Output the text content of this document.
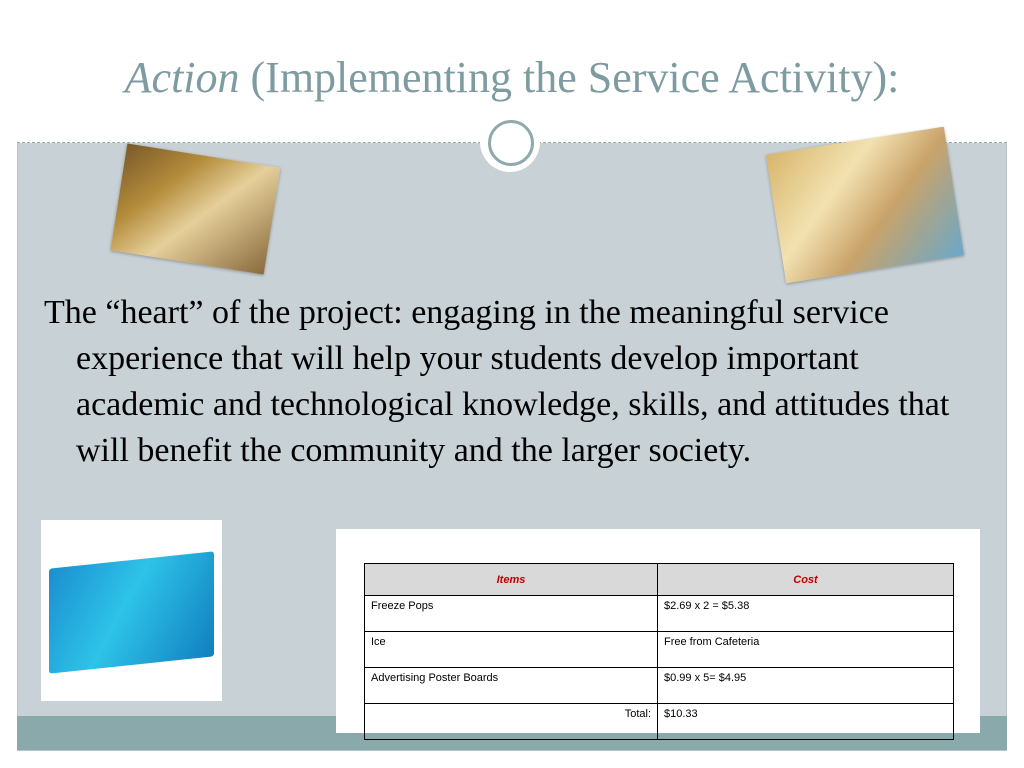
Action (Implementing the Service Activity):

The “heart” of the project: engaging in the meaningful service experience that will help your students develop important academic and technological knowledge, skills, and attitudes that will benefit the community and the larger society.

Items	Cost
Freeze Pops	$2.69 x 2 = $5.38
Ice	Free from Cafeteria
Advertising Poster Boards	$0.99 x 5= $4.95
Total:	$10.33
